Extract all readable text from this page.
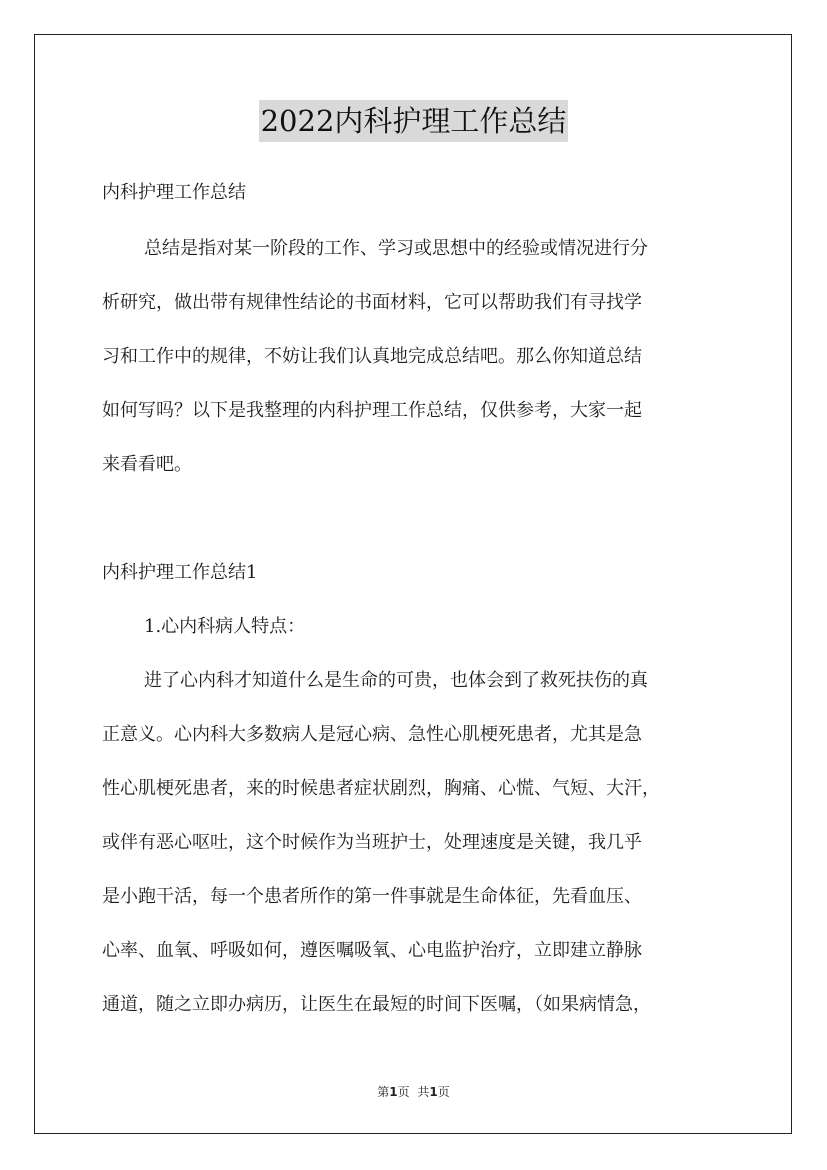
2022内科护理工作总结
内科护理工作总结
总结是指对某一阶段的工作、学习或思想中的经验或情况进行分
析研究，做出带有规律性结论的书面材料，它可以帮助我们有寻找学
习和工作中的规律，不妨让我们认真地完成总结吧。那么你知道总结
如何写吗？以下是我整理的内科护理工作总结，仅供参考，大家一起
来看看吧。
内科护理工作总结1
1.心内科病人特点：
进了心内科才知道什么是生命的可贵，也体会到了救死扶伤的真
正意义。心内科大多数病人是冠心病、急性心肌梗死患者，尤其是急
性心肌梗死患者，来的时候患者症状剧烈，胸痛、心慌、气短、大汗，
或伴有恶心呕吐，这个时候作为当班护士，处理速度是关键，我几乎
是小跑干活，每一个患者所作的第一件事就是生命体征，先看血压、
心率、血氧、呼吸如何，遵医嘱吸氧、心电监护治疗，立即建立静脉
通道，随之立即办病历，让医生在最短的时间下医嘱，（如果病情急，
第1页 共1页
